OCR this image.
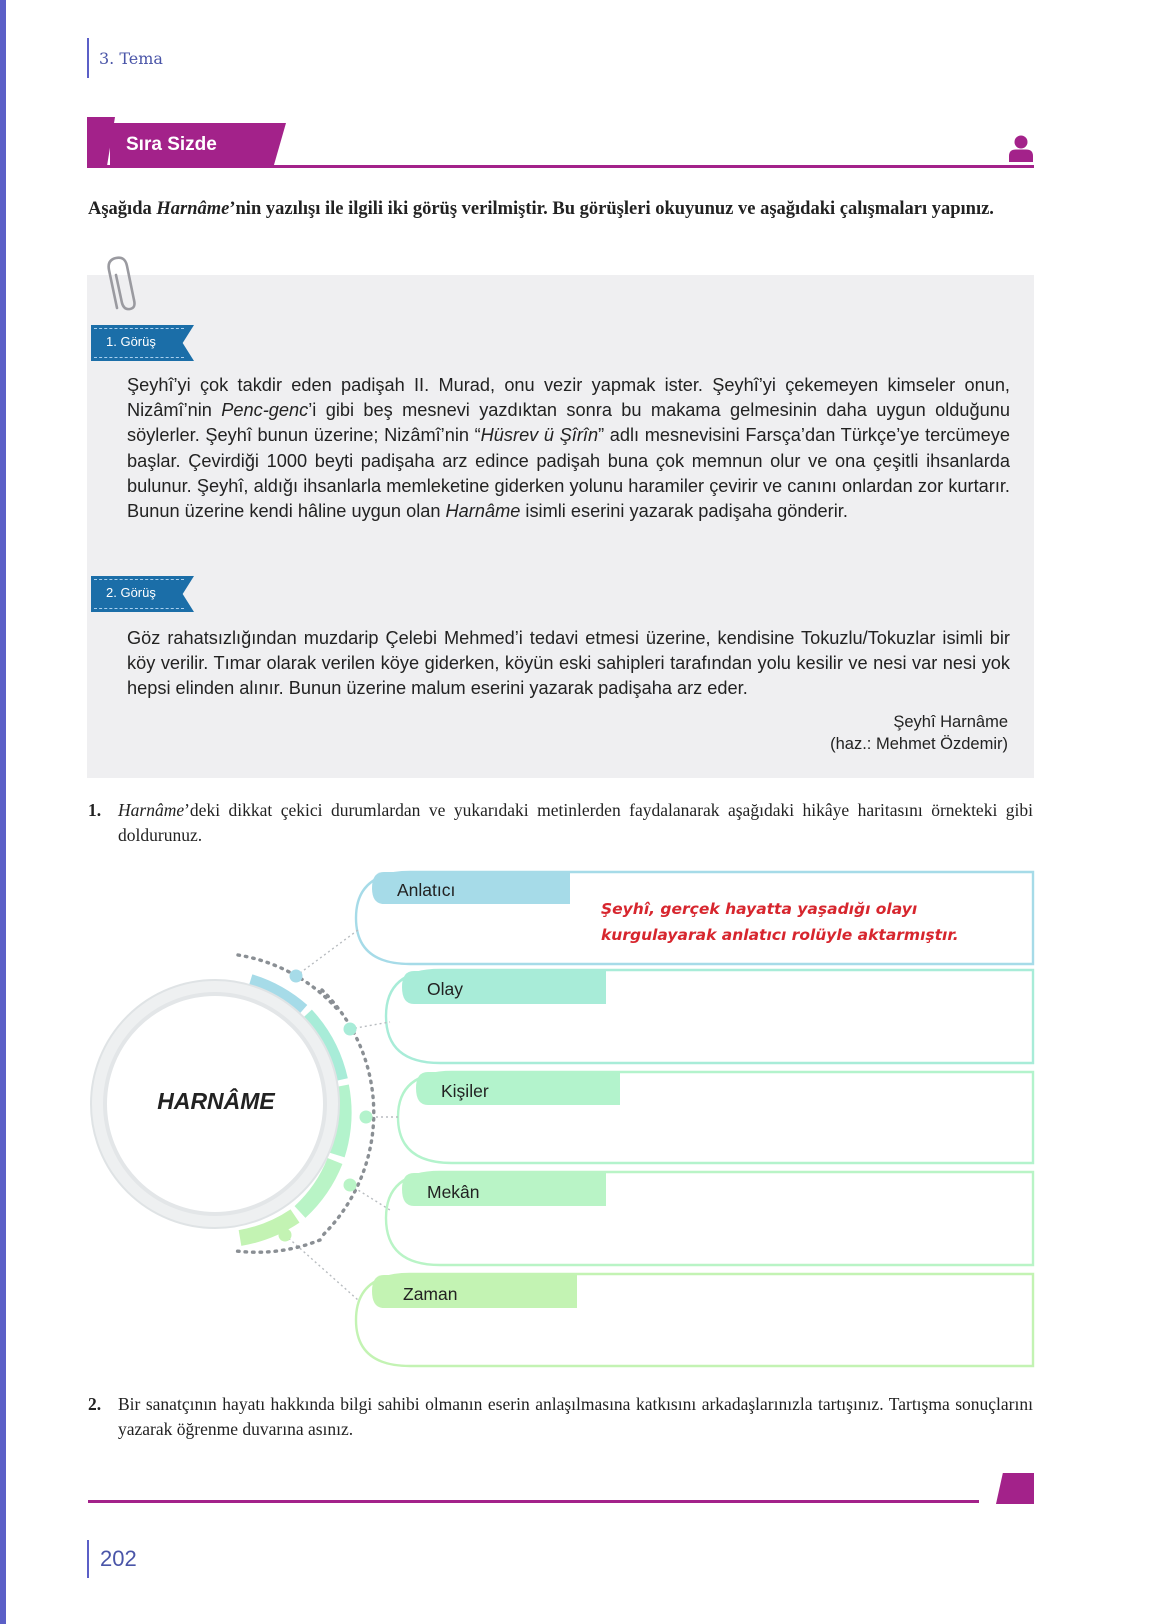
3. Tema
Sıra Sizde
Aşağıda Harnâme’nin yazılışı ile ilgili iki görüş verilmiştir. Bu görüşleri okuyunuz ve aşağıdaki çalışmaları yapınız.
1. Görüş
Şeyhî’yi çok takdir eden padişah II. Murad, onu vezir yapmak ister. Şeyhî’yi çekemeyen kimseler onun, Nizâmî’nin Penc-genc’i gibi beş mesnevi yazdıktan sonra bu makama gelmesinin daha uygun olduğunu söylerler. Şeyhî bunun üzerine; Nizâmî’nin “Hüsrev ü Şîrîn” adlı mesnevisini Farsça’dan Türkçe’ye tercümeye başlar. Çevirdiği 1000 beyti padişaha arz edince padişah buna çok memnun olur ve ona çeşitli ihsanlarda bulunur. Şeyhî, aldığı ihsanlarla memleketine giderken yolunu haramiler çevirir ve canını onlardan zor kurtarır. Bunun üzerine kendi hâline uygun olan Harnâme isimli eserini yazarak padişaha gönderir.
2. Görüş
Göz rahatsızlığından muzdarip Çelebi Mehmed’i tedavi etmesi üzerine, kendisine Tokuzlu/Tokuzlar isimli bir köy verilir. Tımar olarak verilen köye giderken, köyün eski sahipleri tarafından yolu kesilir ve nesi var nesi yok hepsi elinden alınır. Bunun üzerine malum eserini yazarak padişaha arz eder.
Şeyhî Harnâme
(haz.: Mehmet Özdemir)
1. Harnâme’deki dikkat çekici durumlardan ve yukarıdaki metinlerden faydalanarak aşağıdaki hikâye haritasını örnekteki gibi doldurunuz.
HARNÂME
Anlatıcı
Olay
Kişiler
Mekân
Zaman
Şeyhî, gerçek hayatta yaşadığı olayı
kurgulayarak anlatıcı rolüyle aktarmıştır.
2. Bir sanatçının hayatı hakkında bilgi sahibi olmanın eserin anlaşılmasına katkısını arkadaşlarınızla tartışınız. Tartışma sonuçlarını yazarak öğrenme duvarına asınız.
202
